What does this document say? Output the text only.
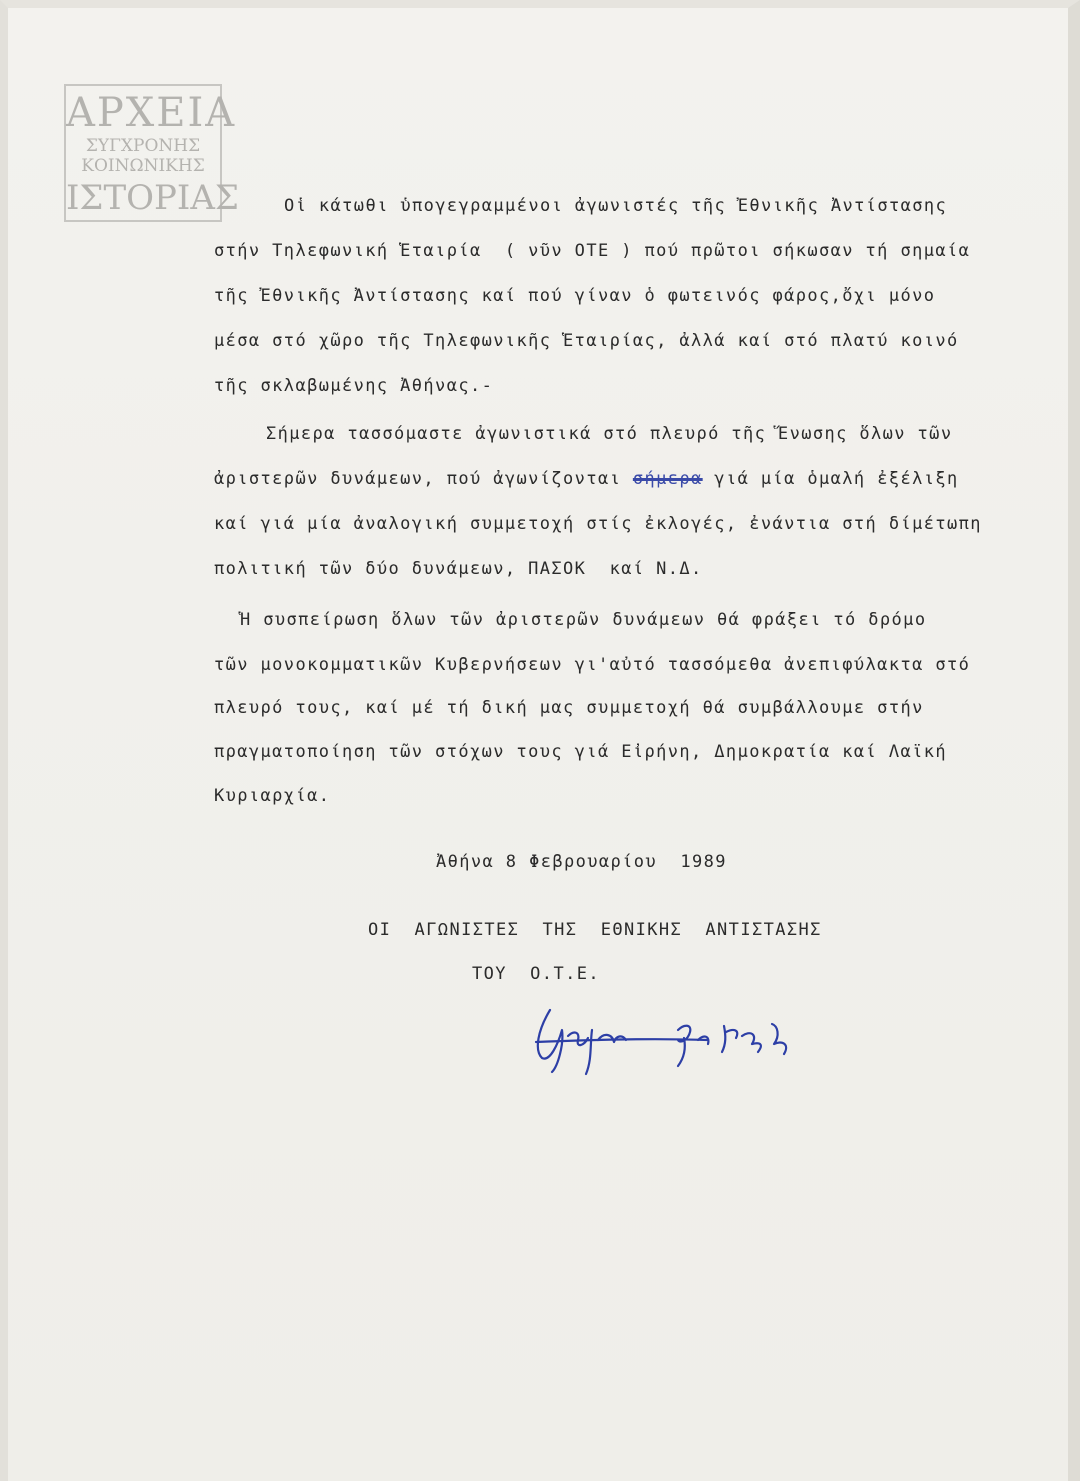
ΑΡΧΕΙΑ
ΣΥΓΧΡΟΝΗΣ
ΚΟΙΝΩΝΙΚΗΣ
ΙΣΤΟΡΙΑΣ	Οἱ κάτωθι ὑπογεγραμμένοι ἀγωνιστές τῆς Ἐθνικῆς Ἀντίστασης
στήν Τηλεφωνική Ἑταιρία  ( νῦν ΟΤΕ ) πού πρῶτοι σήκωσαν τή σημαία
τῆς Ἐθνικῆς Ἀντίστασης καί πού γίναν ὁ φωτεινός φάρος,ὄχι μόνο
μέσα στό χῶρο τῆς Τηλεφωνικῆς Ἑταιρίας, ἀλλά καί στό πλατύ κοινό
τῆς σκλαβωμένης Ἀθήνας.-
Σήμερα τασσόμαστε ἀγωνιστικά στό πλευρό τῆς Ἕνωσης ὅλων τῶν
ἀριστερῶν δυνάμεων, πού ἀγωνίζονται σήμερα γιά μία ὁμαλή ἐξέλιξη
καί γιά μία ἀναλογική συμμετοχή στίς ἐκλογές, ἐνάντια στή δίμέτωπη
πολιτική τῶν δύο δυνάμεων, ΠΑΣΟΚ  καί Ν.Δ.
Ἡ συσπείρωση ὅλων τῶν ἀριστερῶν δυνάμεων θά φράξει τό δρόμο
τῶν μονοκομματικῶν Κυβερνήσεων γι'αὐτό τασσόμεθα ἀνεπιφύλακτα στό
πλευρό τους, καί μέ τή δική μας συμμετοχή θά συμβάλλουμε στήν
πραγματοποίηση τῶν στόχων τους γιά Εἰρήνη, Δημοκρατία καί Λαϊκή
Κυριαρχία.
Ἀθήνα 8 Φεβρουαρίου  1989
ΟΙ  ΑΓΩΝΙΣΤΕΣ  ΤΗΣ  ΕΘΝΙΚΗΣ  ΑΝΤΙΣΤΑΣΗΣ
ΤΟΥ  Ο.Τ.Ε.
